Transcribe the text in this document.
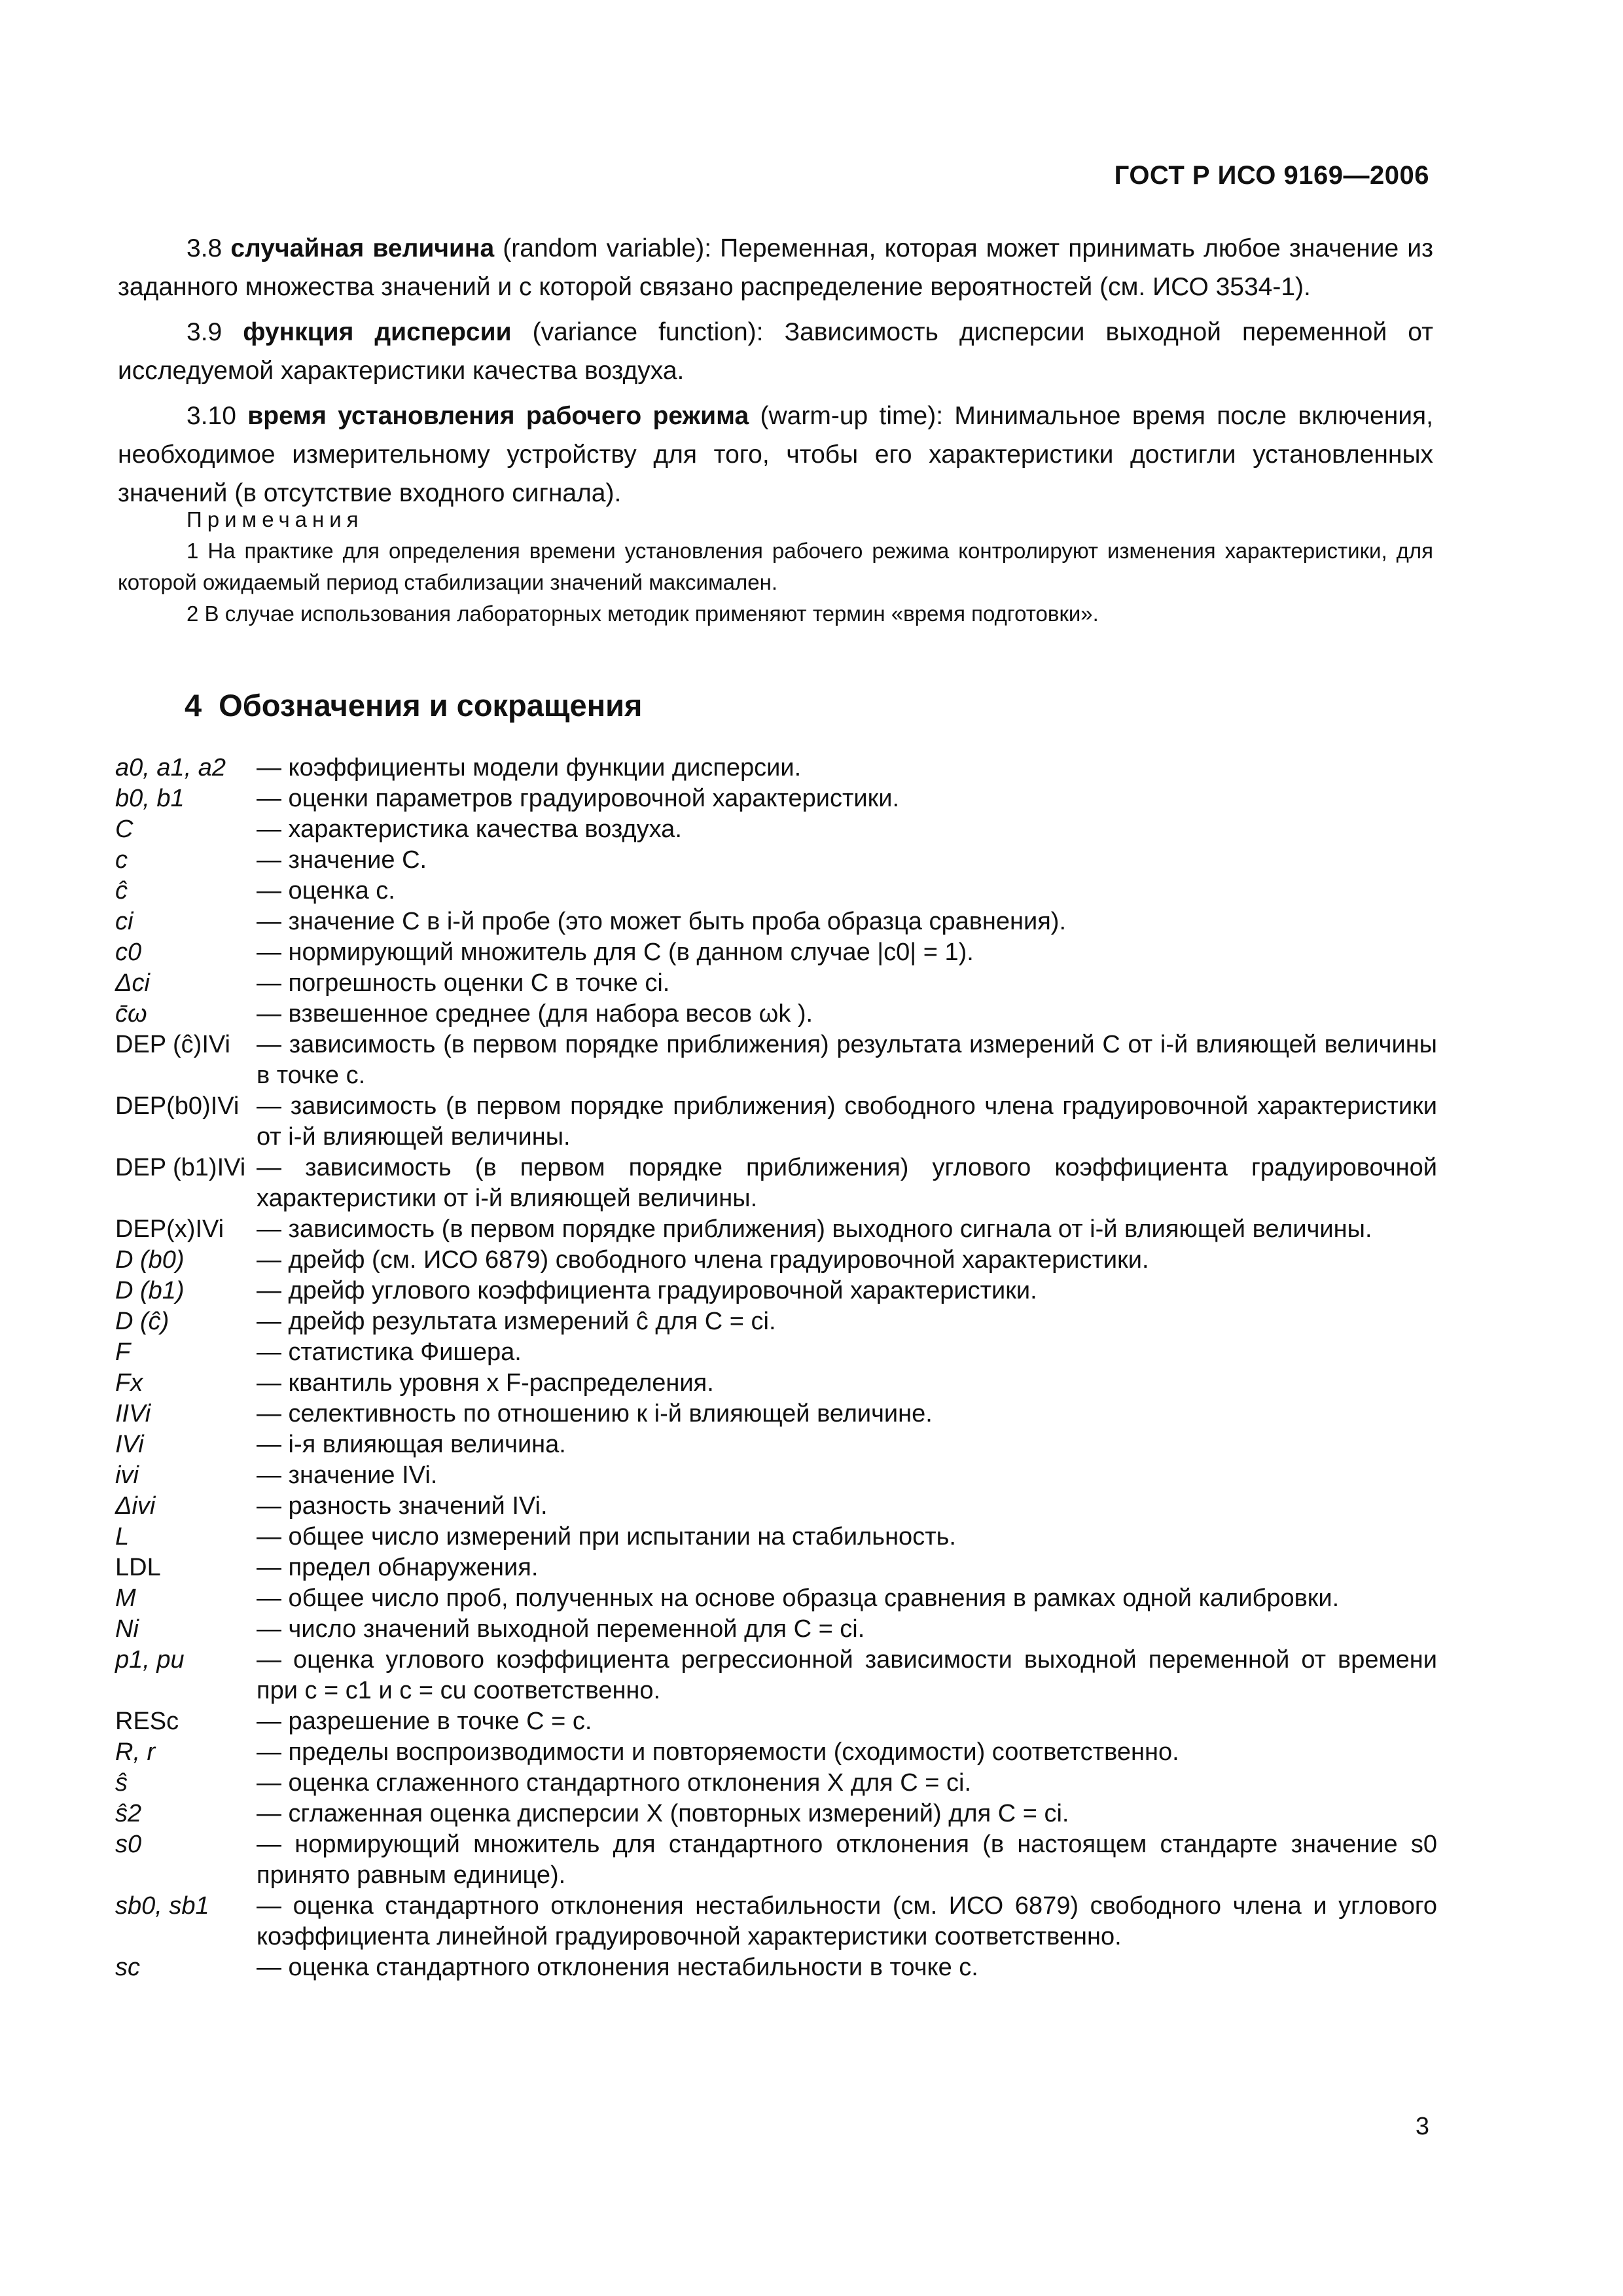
ГОСТ Р ИСО 9169—2006

3.8 случайная величина (random variable): Переменная, которая может принимать любое значение из заданного множества значений и с которой связано распределение вероятностей (см. ИСО 3534-1).

3.9 функция дисперсии (variance function): Зависимость дисперсии выходной переменной от исследуемой характеристики качества воздуха.

3.10 время установления рабочего режима (warm-up time): Минимальное время после включения, необходимое измерительному устройству для того, чтобы его характеристики достигли установленных значений (в отсутствие входного сигнала).

Примечания

1 На практике для определения времени установления рабочего режима контролируют изменения характеристики, для которой ожидаемый период стабилизации значений максимален.

2 В случае использования лабораторных методик применяют термин «время подготовки».

4 Обозначения и сокращения
a0, a1, a2	— коэффициенты модели функции дисперсии.
b0, b1	— оценки параметров градуировочной характеристики.
C	— характеристика качества воздуха.
c	— значение C.
ĉ	— оценка c.
ci	— значение C в i-й пробе (это может быть проба образца сравнения).
c0	— нормирующий множитель для C (в данном случае |c0| = 1).
Δci	— погрешность оценки C в точке ci.
c̄ω	— взвешенное среднее (для набора весов ωk ).
DEP (ĉ)IVi	— зависимость (в первом порядке приближения) результата измерений C от i-й влияющей величины в точке c.
DEP(b0)IVi — зависимость (в первом порядке приближения) свободного члена градуировочной характеристики от i-й влияющей величины.
DEP (b1)IVi — зависимость (в первом порядке приближения) углового коэффициента градуировочной характеристики от i-й влияющей величины.
DEP(x)IVi	— зависимость (в первом порядке приближения) выходного сигнала от i-й влияющей величины.
D (b0)	— дрейф (см. ИСО 6879) свободного члена градуировочной характеристики.
D (b1)	— дрейф углового коэффициента градуировочной характеристики.
D (ĉ)	— дрейф результата измерений ĉ для C = ci.
F	— статистика Фишера.
Fx	— квантиль уровня x F-распределения.
IIVi	— селективность по отношению к i-й влияющей величине.
IVi	— i-я влияющая величина.
ivi	— значение IVi.
Δivi	— разность значений IVi.
L	— общее число измерений при испытании на стабильность.
LDL	— предел обнаружения.
M	— общее число проб, полученных на основе образца сравнения в рамках одной калибровки.
Ni	— число значений выходной переменной для C = ci.
p1, pu	— оценка углового коэффициента регрессионной зависимости выходной переменной от времени при c = c1 и c = cu соответственно.
RESc	— разрешение в точке C = c.
R, r	— пределы воспроизводимости и повторяемости (сходимости) соответственно.
ŝ	— оценка сглаженного стандартного отклонения X для C = ci.
ŝ2	— сглаженная оценка дисперсии X (повторных измерений) для C = ci.
s0	— нормирующий множитель для стандартного отклонения (в настоящем стандарте значение s0 принято равным единице).
sb0, sb1	— оценка стандартного отклонения нестабильности (см. ИСО 6879) свободного члена и углового коэффициента линейной градуировочной характеристики соответственно.
sc	— оценка стандартного отклонения нестабильности в точке c.
3
